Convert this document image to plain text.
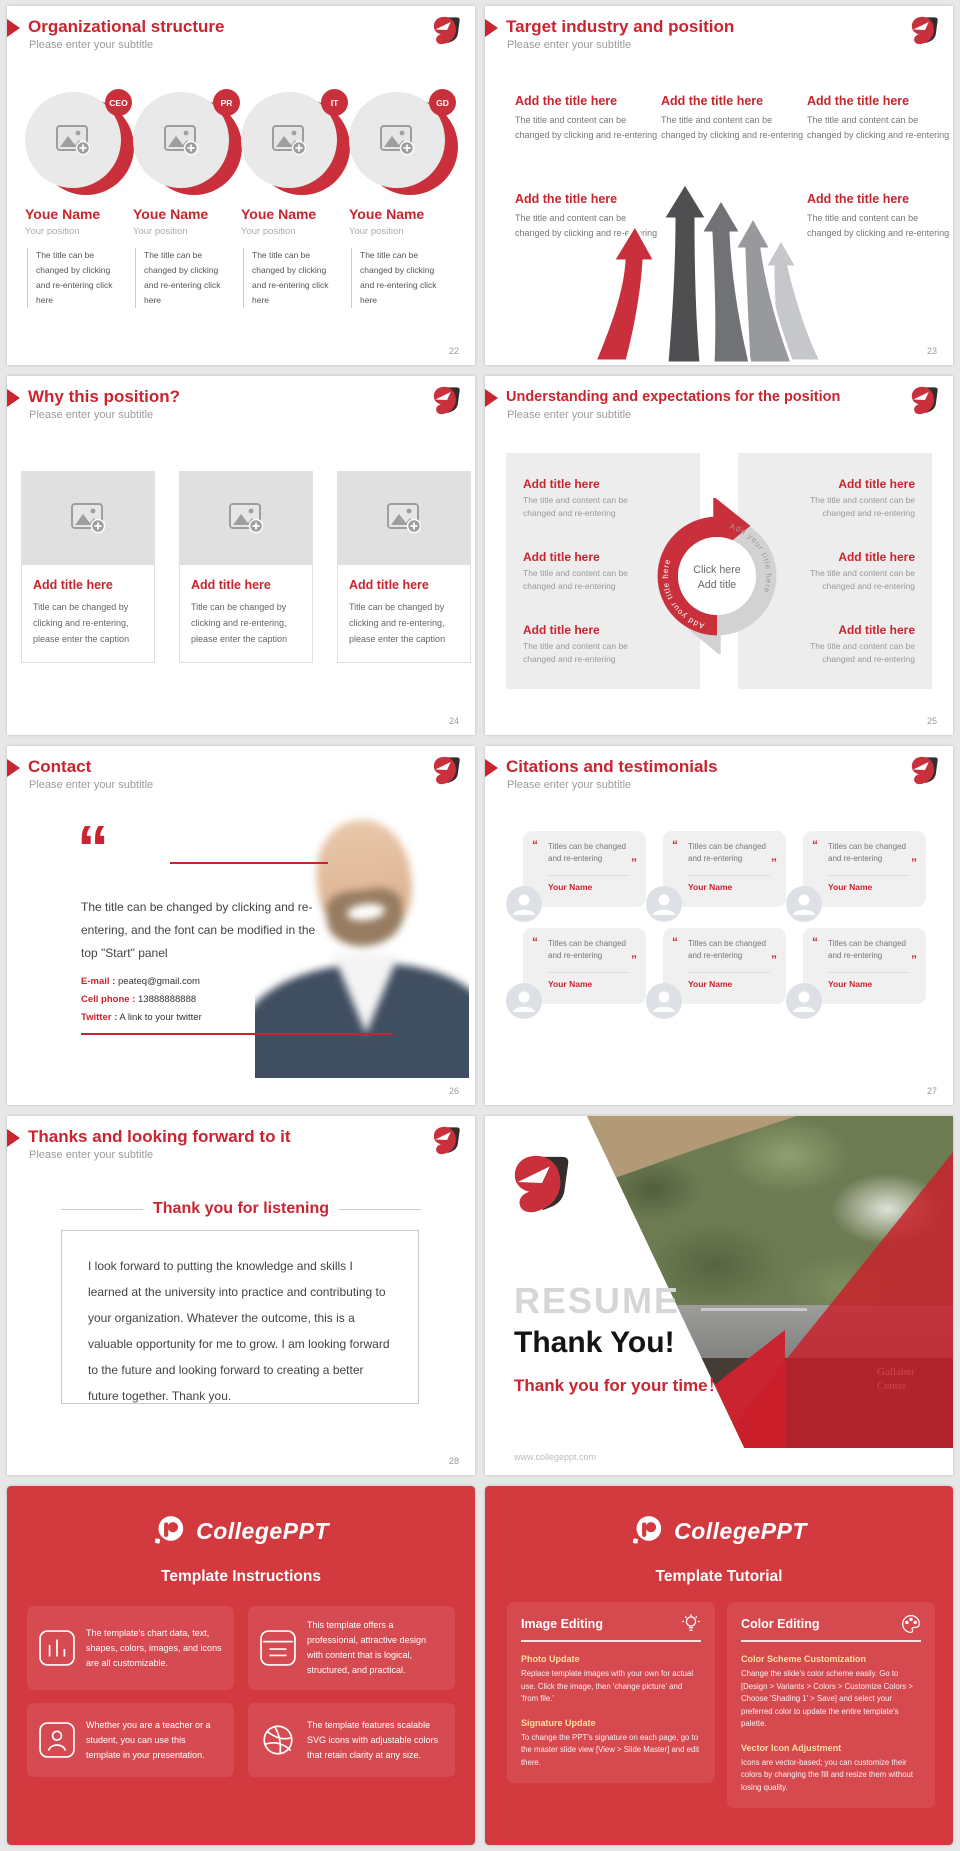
Organizational structure
Please enter your subtitle
CEO
Youe Name
Your position
The title can be changed by clicking and re-entering click here
PR
Youe Name
Your position
The title can be changed by clicking and re-entering click here
IT
Youe Name
Your position
The title can be changed by clicking and re-entering click here
GD
Youe Name
Your position
The title can be changed by clicking and re-entering click here
22
Target industry and position
Please enter your subtitle
Add the title here
The title and content can be changed by clicking and re-entering
Add the title here
The title and content can be changed by clicking and re-entering
Add the title here
The title and content can be changed by clicking and re-entering
Add the title here
The title and content can be changed by clicking and re-entering
Add the title here
The title and content can be changed by clicking and re-entering
23
Why this position?
Please enter your subtitle
Add title here
Title can be changed by clicking and re-entering, please enter the caption
Add title here
Title can be changed by clicking and re-entering, please enter the caption
Add title here
Title can be changed by clicking and re-entering, please enter the caption
24
Understanding and expectations for the position
Please enter your subtitle
Add title here
The title and content can be changed and re-entering
Add title here
The title and content can be changed and re-entering
Add title here
The title and content can be changed and re-entering
Add title here
The title and content can be changed and re-entering
Add title here
The title and content can be changed and re-entering
Add title here
The title and content can be changed and re-entering
Add your title here
Add your title here
Click here
Add title
25
Contact
Please enter your subtitle
“
The title can be changed by clicking and re-entering, and the font can be modified in the top "Start" panel
E-mail : peateq@gmail.com
Cell phone : 13888888888
Twitter : A link to your twitter
26
Citations and testimonials
Please enter your subtitle
“ Titles can be changed and re-entering	”
Your Name
“ Titles can be changed and re-entering	”
Your Name
“ Titles can be changed and re-entering	”
Your Name
“ Titles can be changed and re-entering	”
Your Name
“ Titles can be changed and re-entering	”
Your Name
“ Titles can be changed and re-entering	”
Your Name
27
Thanks and looking forward to it
Please enter your subtitle
Thank you for listening
I look forward to putting the knowledge and skills I learned at the university into practice and contributing to your organization. Whatever the outcome, this is a valuable opportunity for me to grow. I am looking forward to the future and looking forward to creating a better future together. Thank you.
28
RESUME
Thank You!
Thank you for your time！
www.collegeppt.com
CollegePPT
Template Instructions
The template's chart data, text, shapes, colors, images, and icons are all customizable.
This template offers a professional, attractive design with content that is logical, structured, and practical.
Whether you are a teacher or a student, you can use this template in your presentation.
The template features scalable SVG icons with adjustable colors that retain clarity at any size.
CollegePPT
Template Tutorial
Image Editing
Photo Update
Replace template images with your own for actual use. Click the image, then 'change picture' and 'from file.'
Signature Update
To change the PPT's signature on each page, go to the master slide view [View > Slide Master] and edit there.
Color Editing
Color Scheme Customization
Change the slide's color scheme easily. Go to [Design > Variants > Colors > Customize Colors > Choose 'Shading 1' > Save] and select your preferred color to update the entire template's palette.
Vector Icon Adjustment
Icons are vector-based; you can customize their colors by changing the fill and resize them without losing quality.
